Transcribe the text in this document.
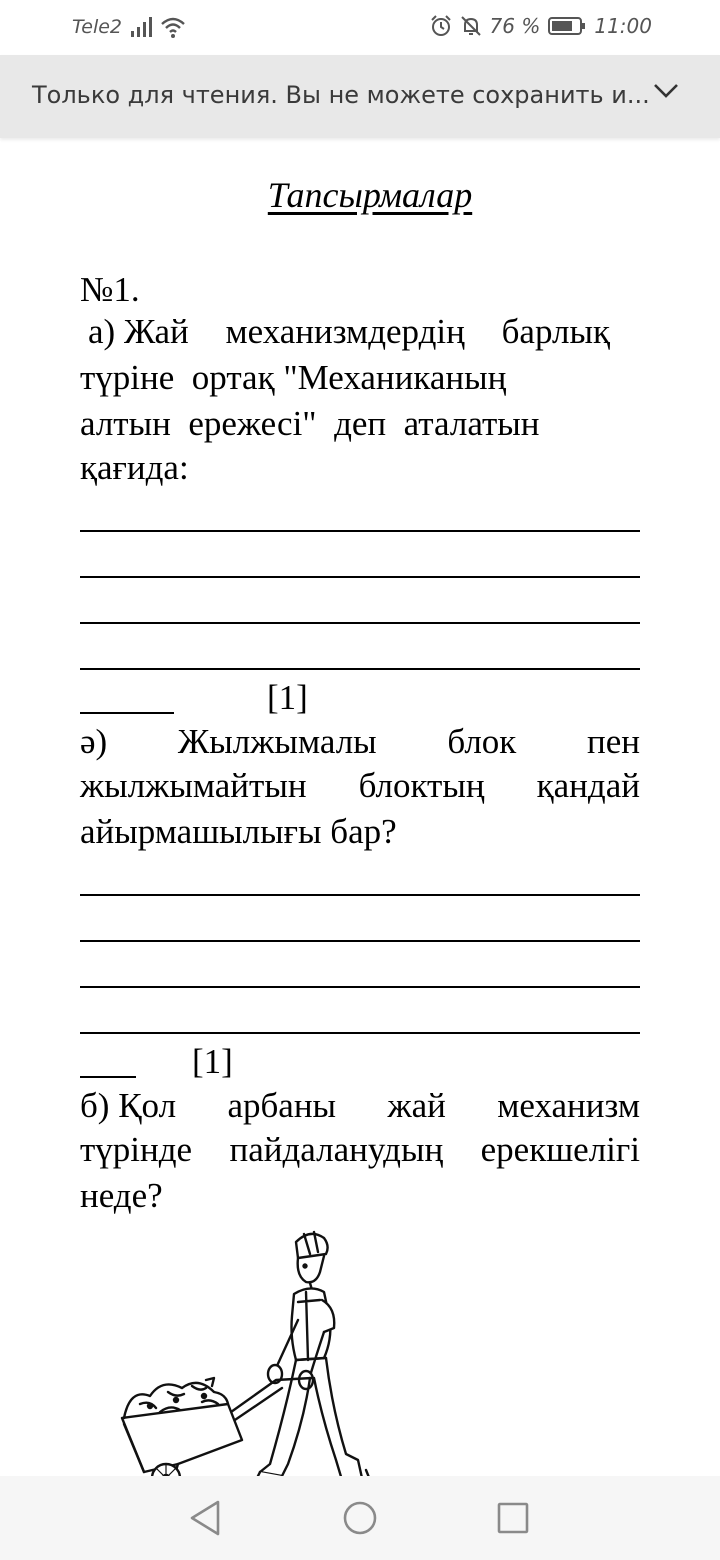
Tele2	76 %	11:00
Только для чтения. Вы не можете сохранить и...
Тапсырмалар
№1.
а) Жай механизмдердің барлық
түріне  ортақ "Механиканың
алтын  ережесі"  деп  аталатын
қағида:
[1]
ә) Жылжымалы блок пен
жылжымайтын блоктың қандай
айырмашылығы бар?
[1]
б) Қол арбаны жай механизм
түрінде пайдаланудың ерекшелігі
неде?
